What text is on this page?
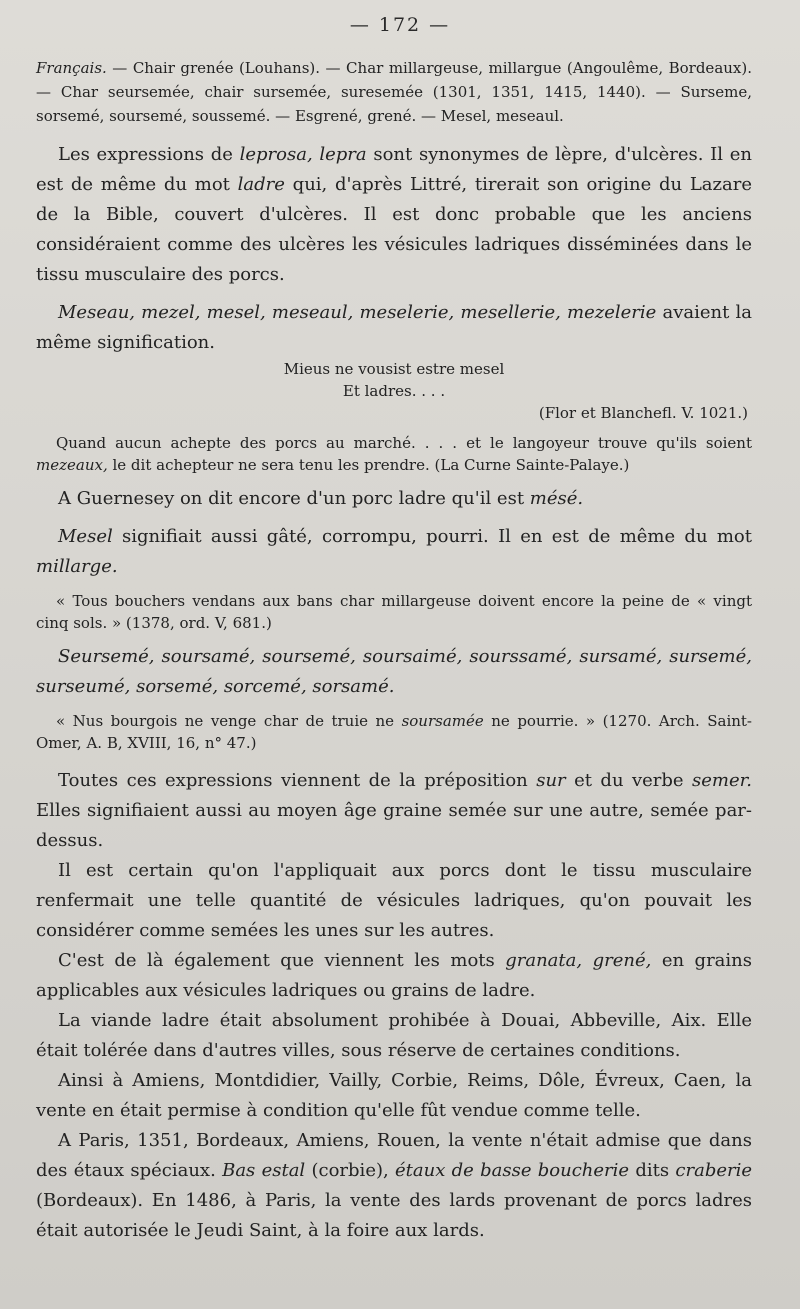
— 172 —

Français. — Chair grenée (Louhans). — Char millargeuse, millargue (Angoulême, Bordeaux). — Char seursemée, chair sursemée, suresemée (1301, 1351, 1415, 1440). — Surseme, sorsemé, soursemé, soussemé. — Esgrené, grené. — Mesel, meseaul.

Les expressions de leprosa, lepra sont synonymes de lèpre, d'ulcères. Il en est de même du mot ladre qui, d'après Littré, tirerait son origine du Lazare de la Bible, couvert d'ulcères. Il est donc probable que les anciens considéraient comme des ulcères les vésicules ladriques disséminées dans le tissu musculaire des porcs.

Meseau, mezel, mesel, meseaul, meselerie, mesellerie, mezelerie avaient la même signification.

Mieus ne vousist estre mesel
Et ladres. . . .
(Flor et Blanchefl. V. 1021.)

Quand aucun achepte des porcs au marché. . . . et le langoyeur trouve qu'ils soient mezeaux, le dit achepteur ne sera tenu les prendre. (La Curne Sainte-Palaye.)

A Guernesey on dit encore d'un porc ladre qu'il est mésé.

Mesel signifiait aussi gâté, corrompu, pourri. Il en est de même du mot millarge.

« Tous bouchers vendans aux bans char millargeuse doivent encore la peine de « vingt cinq sols. » (1378, ord. V, 681.)

Seursemé, soursamé, soursemé, soursaimé, sourssamé, sursamé, sursemé, surseumé, sorsemé, sorcemé, sorsamé.

« Nus bourgois ne venge char de truie ne soursamée ne pourrie. » (1270. Arch. Saint-Omer, A. B, XVIII, 16, n° 47.)

Toutes ces expressions viennent de la préposition sur et du verbe semer. Elles signifiaient aussi au moyen âge graine semée sur une autre, semée par-dessus.

Il est certain qu'on l'appliquait aux porcs dont le tissu musculaire renfermait une telle quantité de vésicules ladriques, qu'on pouvait les considérer comme semées les unes sur les autres.

C'est de là également que viennent les mots granata, grené, en grains applicables aux vésicules ladriques ou grains de ladre.

La viande ladre était absolument prohibée à Douai, Abbeville, Aix. Elle était tolérée dans d'autres villes, sous réserve de certaines conditions.

Ainsi à Amiens, Montdidier, Vailly, Corbie, Reims, Dôle, Évreux, Caen, la vente en était permise à condition qu'elle fût vendue comme telle.

A Paris, 1351, Bordeaux, Amiens, Rouen, la vente n'était admise que dans des étaux spéciaux. Bas estal (corbie), étaux de basse boucherie dits craberie (Bordeaux). En 1486, à Paris, la vente des lards provenant de porcs ladres était autorisée le Jeudi Saint, à la foire aux lards.
